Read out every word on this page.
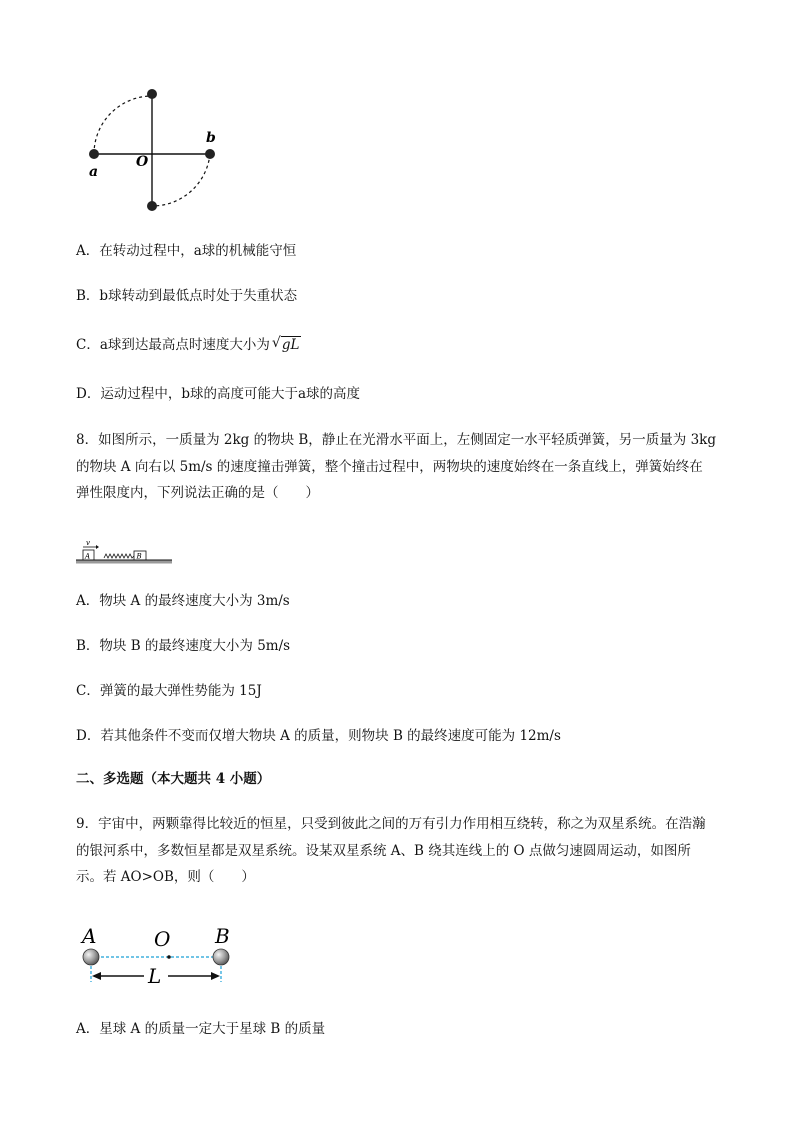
O
a
b
A．在转动过程中，a球的机械能守恒
B．b球转动到最低点时处于失重状态
C．a球到达最高点时速度大小为 √ gL
D．运动过程中，b球的高度可能大于a球的高度
8．如图所示，一质量为 2kg 的物块 B，静止在光滑水平面上，左侧固定一水平轻质弹簧，另一质量为 3kg 的物块 A 向右以 5m/s 的速度撞击弹簧，整个撞击过程中，两物块的速度始终在一条直线上，弹簧始终在弹性限度内，下列说法正确的是（　　）
v
A	B
A．物块 A 的最终速度大小为 3m/s
B．物块 B 的最终速度大小为 5m/s
C．弹簧的最大弹性势能为 15J
D．若其他条件不变而仅增大物块 A 的质量，则物块 B 的最终速度可能为 12m/s
二、多选题（本大题共 4 小题）
9．宇宙中，两颗靠得比较近的恒星，只受到彼此之间的万有引力作用相互绕转，称之为双星系统。在浩瀚的银河系中，多数恒星都是双星系统。设某双星系统 A、B 绕其连线上的 O 点做匀速圆周运动，如图所示。若 AO>OB，则（　　）
A	O B
L
A．星球 A 的质量一定大于星球 B 的质量
